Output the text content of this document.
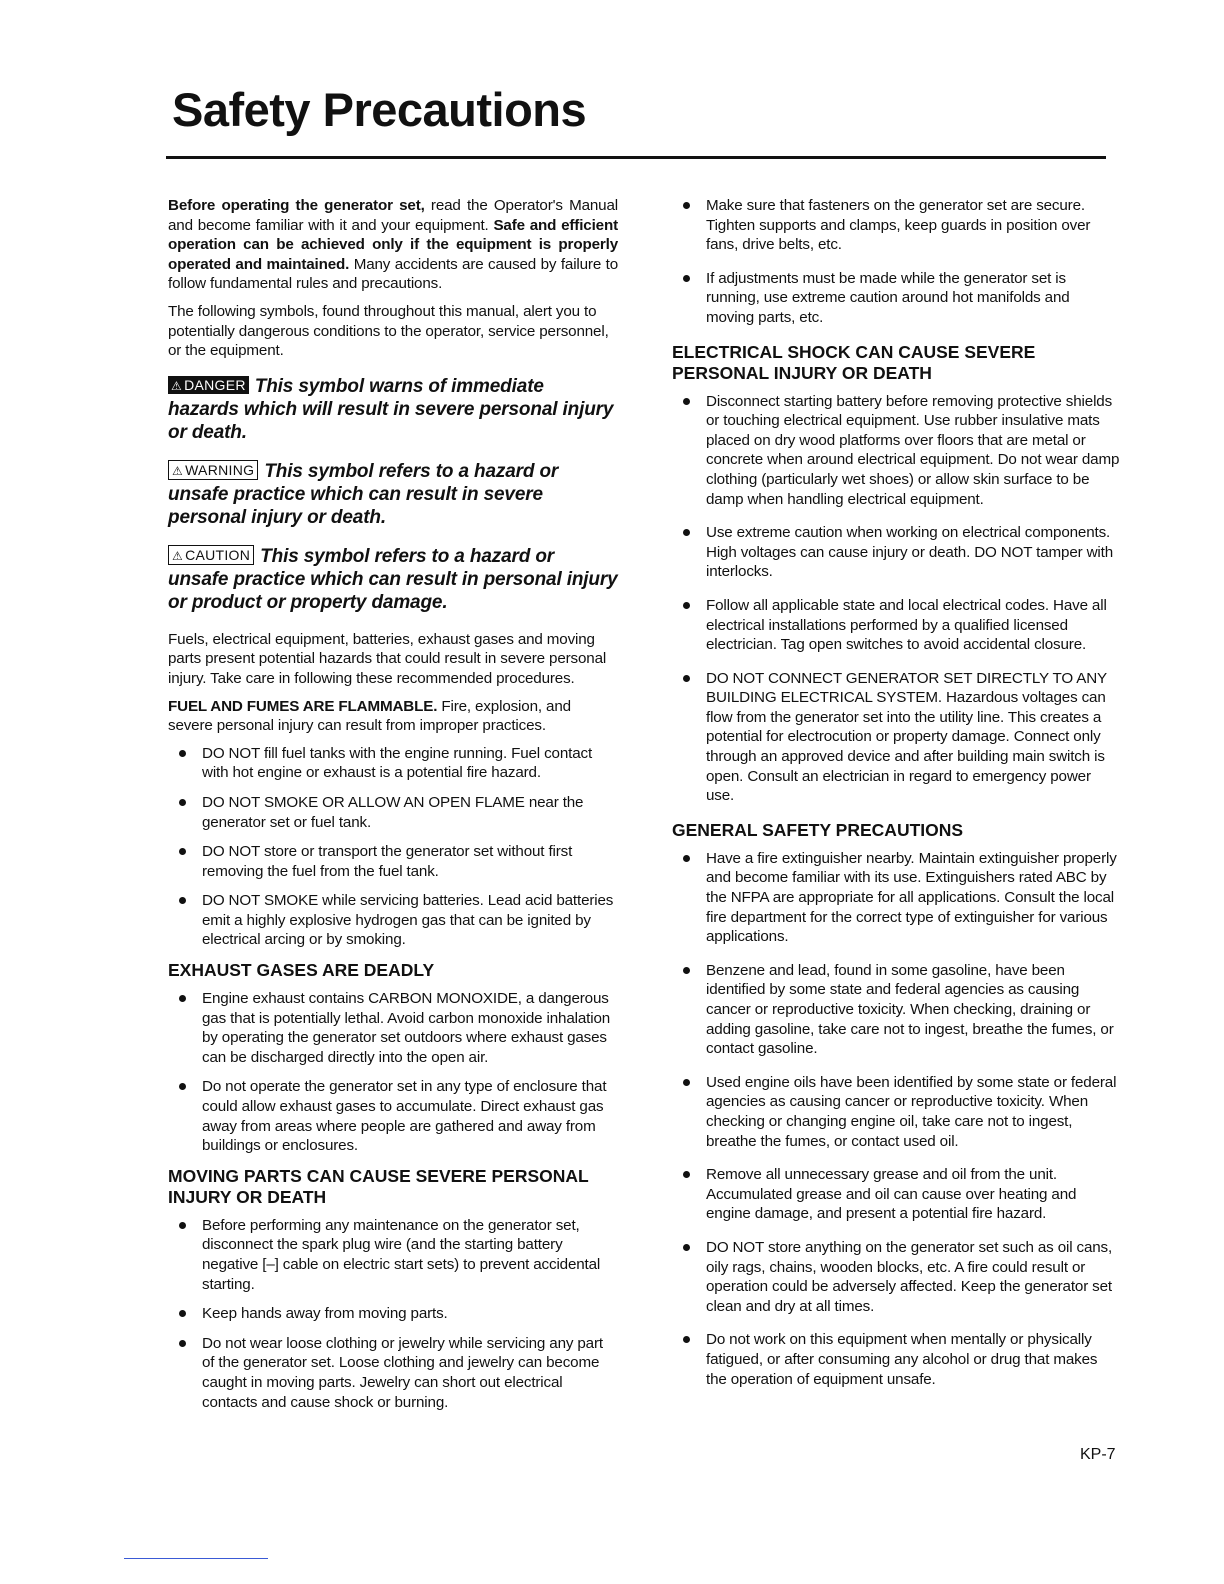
Safety Precautions

Before operating the generator set, read the Operator's Manual and become familiar with it and your equipment. Safe and efficient operation can be achieved only if the equipment is properly operated and maintained. Many accidents are caused by failure to follow fundamental rules and precautions.

The following symbols, found throughout this manual, alert you to potentially dangerous conditions to the operator, service personnel, or the equipment.

⚠ DANGER This symbol warns of immediate hazards which will result in severe personal injury or death.
⚠ WARNING This symbol refers to a hazard or unsafe practice which can result in severe personal injury or death.
⚠ CAUTION This symbol refers to a hazard or unsafe practice which can result in personal injury or product or property damage.

Fuels, electrical equipment, batteries, exhaust gases and moving parts present potential hazards that could result in severe personal injury. Take care in following these recommended procedures.

FUEL AND FUMES ARE FLAMMABLE. Fire, explosion, and severe personal injury can result from improper practices.

DO NOT fill fuel tanks with the engine running. Fuel contact with hot engine or exhaust is a potential fire hazard.
DO NOT SMOKE OR ALLOW AN OPEN FLAME near the generator set or fuel tank.
DO NOT store or transport the generator set without first removing the fuel from the fuel tank.
DO NOT SMOKE while servicing batteries. Lead acid batteries emit a highly explosive hydrogen gas that can be ignited by electrical arcing or by smoking.
EXHAUST GASES ARE DEADLY
Engine exhaust contains CARBON MONOXIDE, a dangerous gas that is potentially lethal. Avoid carbon monoxide inhalation by operating the generator set outdoors where exhaust gases can be discharged directly into the open air.
Do not operate the generator set in any type of enclosure that could allow exhaust gases to accumulate. Direct exhaust gas away from areas where people are gathered and away from buildings or enclosures.
MOVING PARTS CAN CAUSE SEVERE PERSONAL INJURY OR DEATH
Before performing any maintenance on the generator set, disconnect the spark plug wire (and the starting battery negative [–] cable on electric start sets) to prevent accidental starting.
Keep hands away from moving parts.
Do not wear loose clothing or jewelry while servicing any part of the generator set. Loose clothing and jewelry can become caught in moving parts. Jewelry can short out electrical contacts and cause shock or burning.
Make sure that fasteners on the generator set are secure. Tighten supports and clamps, keep guards in position over fans, drive belts, etc.
If adjustments must be made while the generator set is running, use extreme caution around hot manifolds and moving parts, etc.
ELECTRICAL SHOCK CAN CAUSE SEVERE PERSONAL INJURY OR DEATH
Disconnect starting battery before removing protective shields or touching electrical equipment. Use rubber insulative mats placed on dry wood platforms over floors that are metal or concrete when around electrical equipment. Do not wear damp clothing (particularly wet shoes) or allow skin surface to be damp when handling electrical equipment.
Use extreme caution when working on electrical components. High voltages can cause injury or death. DO NOT tamper with interlocks.
Follow all applicable state and local electrical codes. Have all electrical installations performed by a qualified licensed electrician. Tag open switches to avoid accidental closure.
DO NOT CONNECT GENERATOR SET DIRECTLY TO ANY BUILDING ELECTRICAL SYSTEM. Hazardous voltages can flow from the generator set into the utility line. This creates a potential for electrocution or property damage. Connect only through an approved device and after building main switch is open. Consult an electrician in regard to emergency power use.
GENERAL SAFETY PRECAUTIONS
Have a fire extinguisher nearby. Maintain extinguisher properly and become familiar with its use. Extinguishers rated ABC by the NFPA are appropriate for all applications. Consult the local fire department for the correct type of extinguisher for various applications.
Benzene and lead, found in some gasoline, have been identified by some state and federal agencies as causing cancer or reproductive toxicity. When checking, draining or adding gasoline, take care not to ingest, breathe the fumes, or contact gasoline.
Used engine oils have been identified by some state or federal agencies as causing cancer or reproductive toxicity. When checking or changing engine oil, take care not to ingest, breathe the fumes, or contact used oil.
Remove all unnecessary grease and oil from the unit. Accumulated grease and oil can cause over heating and engine damage, and present a potential fire hazard.
DO NOT store anything on the generator set such as oil cans, oily rags, chains, wooden blocks, etc. A fire could result or operation could be adversely affected. Keep the generator set clean and dry at all times.
Do not work on this equipment when mentally or physically fatigued, or after consuming any alcohol or drug that makes the operation of equipment unsafe.
KP-7
